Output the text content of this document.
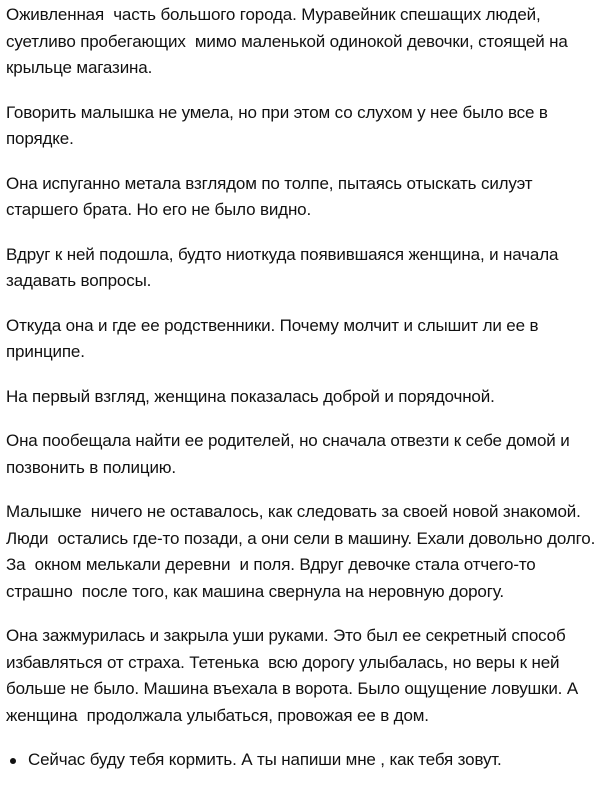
Оживленная  часть большого города. Муравейник спешащих людей, суетливо пробегающих  мимо маленькой одинокой девочки, стоящей на крыльце магазина.

Говорить малышка не умела, но при этом со слухом у нее было все в порядке.

Она испуганно метала взглядом по толпе, пытаясь отыскать силуэт старшего брата. Но его не было видно.

Вдруг к ней подошла, будто ниоткуда появившаяся женщина, и начала задавать вопросы.

Откуда она и где ее родственники. Почему молчит и слышит ли ее в принципе.

На первый взгляд, женщина показалась доброй и порядочной.

Она пообещала найти ее родителей, но сначала отвезти к себе домой и позвонить в полицию.

Малышке  ничего не оставалось, как следовать за своей новой знакомой. Люди  остались где-то позади, а они сели в машину. Ехали довольно долго. За  окном мелькали деревни  и поля. Вдруг девочке стала отчего-то страшно  после того, как машина свернула на неровную дорогу.

Она зажмурилась и закрыла уши руками. Это был ее секретный способ избавляться от страха. Тетенька  всю дорогу улыбалась, но веры к ней больше не было. Машина въехала в ворота. Было ощущение ловушки. А женщина  продолжала улыбаться, провожая ее в дом.

Сейчас буду тебя кормить. А ты напиши мне , как тебя зовут.
